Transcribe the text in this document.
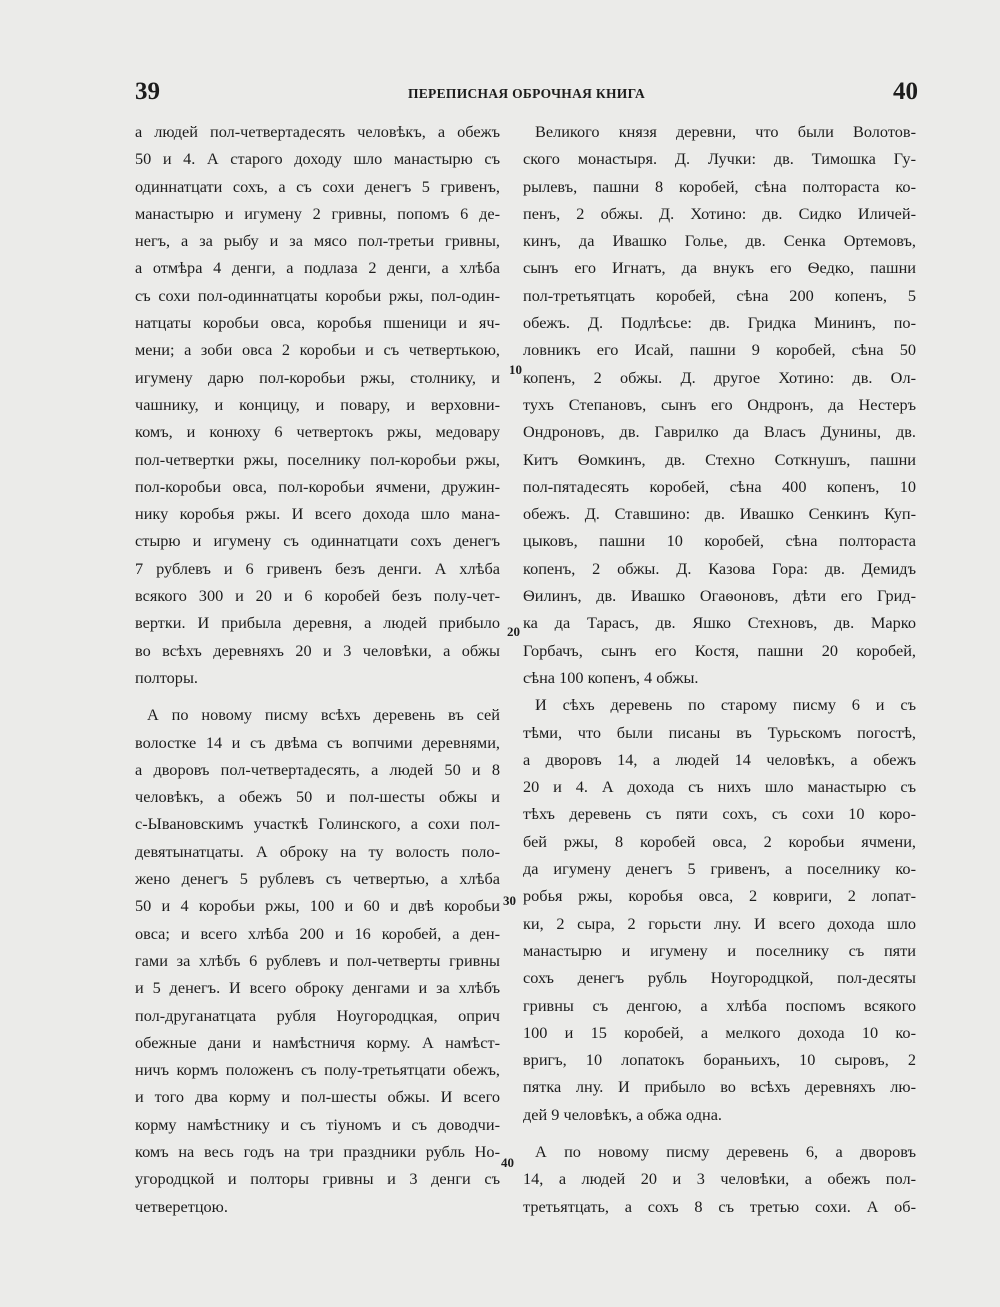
39	ПЕРЕПИСНАЯ ОБРОЧНАЯ КНИГА	40
а людей пол-четвертадесять человѣкъ, а обежъ
50 и 4. А старого доходу шло манастырю съ
одиннатцати сохъ, а съ сохи денегъ 5 гривенъ,
манастырю и игумену 2 гривны, попомъ 6 де-
негъ, а за рыбу и за мясо пол-третьи гривны,
а отмѣра 4 денги, а подлаза 2 денги, а хлѣба
съ сохи пол-одиннатцаты коробьи ржы, пол-один-
натцаты коробьи овса, коробья пшеници и яч-
мени; а зоби овса 2 коробьи и съ четвертькою,
игумену дарю пол-коробьи ржы, столнику, и
чашнику, и концицу, и повару, и верховни-
комъ, и конюху 6 четвертокъ ржы, медовару
пол-четвертки ржы, поселнику пол-коробьи ржы,
пол-коробьи овса, пол-коробьи ячмени, дружин-
нику коробья ржы. И всего дохода шло мана-
стырю и игумену съ одиннатцати сохъ денегъ
7 рублевъ и 6 гривенъ безъ денги. А хлѣба
всякого 300 и 20 и 6 коробей безъ полу-чет-
вертки. И прибыла деревня, а людей прибыло
во всѣхъ деревняхъ 20 и 3 человѣки, а обжы
полторы.
А по новому писму всѣхъ деревень въ сей
волостке 14 и съ двѣма съ вопчими деревнями,
а дворовъ пол-четвертадесять, а людей 50 и 8
человѣкъ, а обежъ 50 и пол-шесты обжы и
с-Ывановскимъ участкѣ Голинского, а сохи пол-
девятынатцаты. А оброку на ту волость поло-
жено денегъ 5 рублевъ съ четвертью, а хлѣба
50 и 4 коробьи ржы, 100 и 60 и двѣ коробьи
овса; и всего хлѣба 200 и 16 коробей, а ден-
гами за хлѣбъ 6 рублевъ и пол-четверты гривны
и 5 денегъ. И всего оброку денгами и за хлѣбъ
пол-друганатцата рубля Ноугородцкая, оприч
обежные дани и намѣстничя корму. А намѣст-
ничъ кормъ положенъ съ полу-третьятцати обежъ,
и того два корму и пол-шесты обжы. И всего
корму намѣстнику и съ тіуномъ и съ доводчи-
комъ на весь годъ на три праздники рубль Но-
угородцкой и полторы гривны и 3 денги съ
четверетцою.
Великого князя деревни, что были Волотов-
ского монастыря. Д. Лучки: дв. Тимошка Гу-
рылевъ, пашни 8 коробей, сѣна полтораста ко-
пенъ, 2 обжы. Д. Хотино: дв. Сидко Иличей-
кинъ, да Ивашко Голье, дв. Сенка Ортемовъ,
сынъ его Игнатъ, да внукъ его Ѳедко, пашни
пол-третьятцать коробей, сѣна 200 копенъ, 5
обежъ. Д. Подлѣсье: дв. Гридка Мининъ, по-
ловникъ его Исай, пашни 9 коробей, сѣна 50
копенъ, 2 обжы. Д. другое Хотино: дв. Ол-
тухъ Степановъ, сынъ его Ондронъ, да Нестеръ
Ондроновъ, дв. Гаврилко да Власъ Дунины, дв.
Китъ Ѳомкинъ, дв. Стехно Соткнушъ, пашни
пол-пятадесять коробей, сѣна 400 копенъ, 10
обежъ. Д. Ставшино: дв. Ивашко Сенкинъ Куп-
цыковъ, пашни 10 коробей, сѣна полтораста
копенъ, 2 обжы. Д. Казова Гора: дв. Демидъ
Ѳилинъ, дв. Ивашко Огаѳоновъ, дѣти его Грид-
ка да Тарасъ, дв. Яшко Стехновъ, дв. Марко
Горбачъ, сынъ его Костя, пашни 20 коробей,
сѣна 100 копенъ, 4 обжы.
И сѣхъ деревень по старому писму 6 и съ
тѣми, что были писаны въ Турьскомъ погостѣ,
а дворовъ 14, а людей 14 человѣкъ, а обежъ
20 и 4. А дохода съ нихъ шло манастырю съ
тѣхъ деревень съ пяти сохъ, съ сохи 10 коро-
бей ржы, 8 коробей овса, 2 коробьи ячмени,
да игумену денегъ 5 гривенъ, а поселнику ко-
робья ржы, коробья овса, 2 ковриги, 2 лопат-
ки, 2 сыра, 2 горьсти лну. И всего дохода шло
манастырю и игумену и поселнику съ пяти
сохъ денегъ рубль Ноугородцкой, пол-десяты
гривны съ денгою, а хлѣба поспомъ всякого
100 и 15 коробей, а мелкого дохода 10 ко-
вригъ, 10 лопатокъ бораньихъ, 10 сыровъ, 2
пятка лну. И прибыло во всѣхъ деревняхъ лю-
дей 9 человѣкъ, а обжа одна.
А по новому писму деревень 6, а дворовъ
14, а людей 20 и 3 человѣки, а обежъ пол-
третьятцать, а сохъ 8 съ третью сохи. А об-
10
20
30
40
